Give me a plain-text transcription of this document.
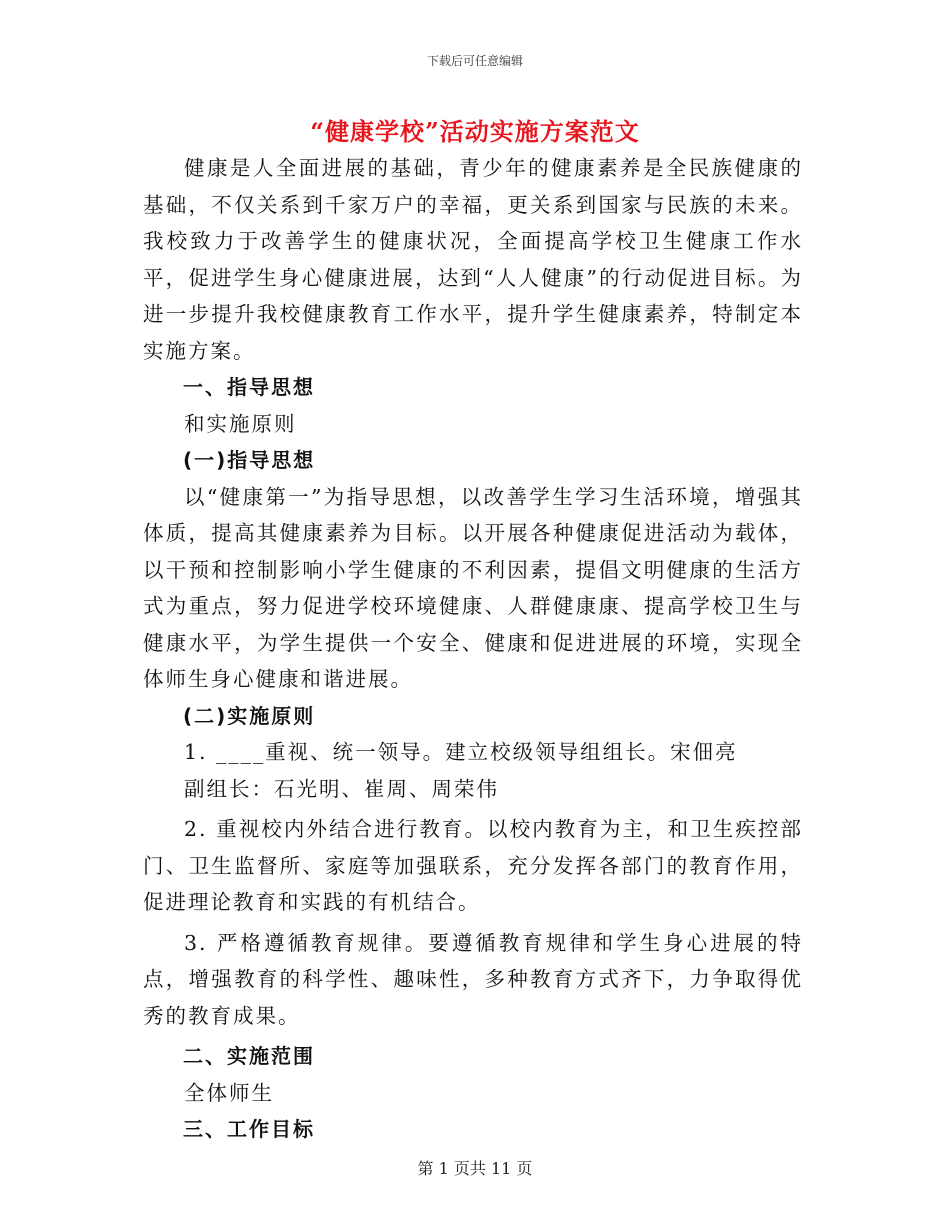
下载后可任意编辑
“健康学校”活动实施方案范文

健康是人全面进展的基础，青少年的健康素养是全民族健康的基础，不仅关系到千家万户的幸福，更关系到国家与民族的未来。我校致力于改善学生的健康状况，全面提高学校卫生健康工作水平，促进学生身心健康进展，达到“人人健康”的行动促进目标。为进一步提升我校健康教育工作水平，提升学生健康素养，特制定本实施方案。

一、指导思想

和实施原则

(一)指导思想

以“健康第一”为指导思想，以改善学生学习生活环境，增强其体质，提高其健康素养为目标。以开展各种健康促进活动为载体，以干预和控制影响小学生健康的不利因素，提倡文明健康的生活方式为重点，努力促进学校环境健康、人群健康康、提高学校卫生与健康水平，为学生提供一个安全、健康和促进进展的环境，实现全体师生身心健康和谐进展。

(二)实施原则

1. ____重视、统一领导。建立校级领导组组长。宋佃亮

副组长：石光明、崔周、周荣伟

2. 重视校内外结合进行教育。以校内教育为主，和卫生疾控部门、卫生监督所、家庭等加强联系，充分发挥各部门的教育作用，促进理论教育和实践的有机结合。

3. 严格遵循教育规律。要遵循教育规律和学生身心进展的特点，增强教育的科学性、趣味性，多种教育方式齐下，力争取得优秀的教育成果。

二、实施范围

全体师生

三、工作目标

第 1 页共 11 页
